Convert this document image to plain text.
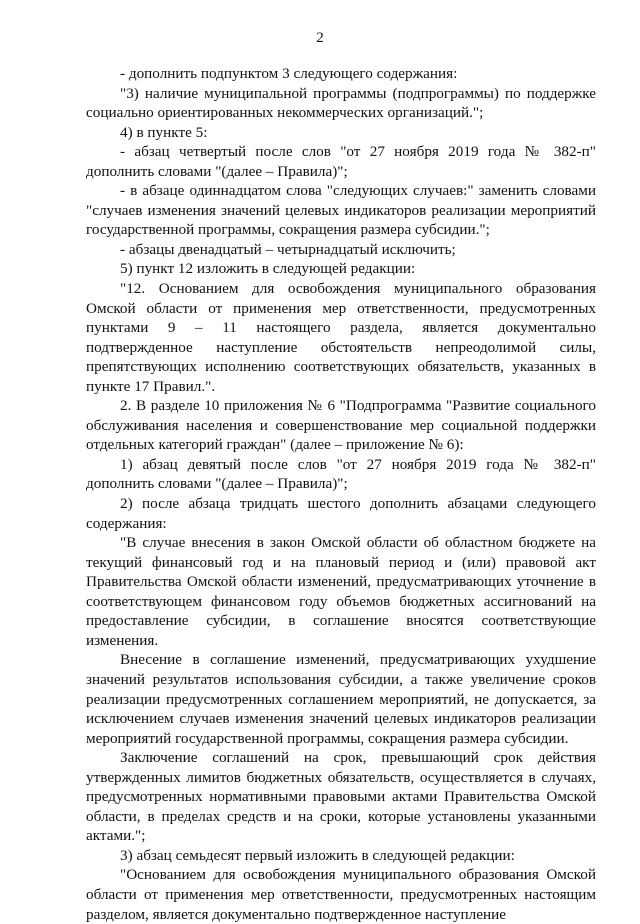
2

- дополнить подпунктом 3 следующего содержания:

"3) наличие муниципальной программы (подпрограммы) по поддержке социально ориентированных некоммерческих организаций.";

4) в пункте 5:

- абзац четвертый после слов "от 27 ноября 2019 года № 382-п" дополнить словами "(далее – Правила)";

- в абзаце одиннадцатом слова "следующих случаев:" заменить словами "случаев изменения значений целевых индикаторов реализации мероприятий государственной программы, сокращения размера субсидии.";

- абзацы двенадцатый – четырнадцатый исключить;

5) пункт 12 изложить в следующей редакции:

"12. Основанием для освобождения муниципального образования Омской области от применения мер ответственности, предусмотренных пунктами 9 – 11 настоящего раздела, является документально подтвержденное наступление обстоятельств непреодолимой силы, препятствующих исполнению соответствующих обязательств, указанных в пункте 17 Правил.".

2. В разделе 10 приложения № 6 "Подпрограмма "Развитие социального обслуживания населения и совершенствование мер социальной поддержки отдельных категорий граждан" (далее – приложение № 6):

1) абзац девятый после слов "от 27 ноября 2019 года № 382-п" дополнить словами "(далее – Правила)";

2) после абзаца тридцать шестого дополнить абзацами следующего содержания:

"В случае внесения в закон Омской области об областном бюджете на текущий финансовый год и на плановый период и (или) правовой акт Правительства Омской области изменений, предусматривающих уточнение в соответствующем финансовом году объемов бюджетных ассигнований на предоставление субсидии, в соглашение вносятся соответствующие изменения.

Внесение в соглашение изменений, предусматривающих ухудшение значений результатов использования субсидии, а также увеличение сроков реализации предусмотренных соглашением мероприятий, не допускается, за исключением случаев изменения значений целевых индикаторов реализации мероприятий государственной программы, сокращения размера субсидии.

Заключение соглашений на срок, превышающий срок действия утвержденных лимитов бюджетных обязательств, осуществляется в случаях, предусмотренных нормативными правовыми актами Правительства Омской области, в пределах средств и на сроки, которые установлены указанными актами.";

3) абзац семьдесят первый изложить в следующей редакции:

"Основанием для освобождения муниципального образования Омской области от применения мер ответственности, предусмотренных настоящим разделом, является документально подтвержденное наступление
